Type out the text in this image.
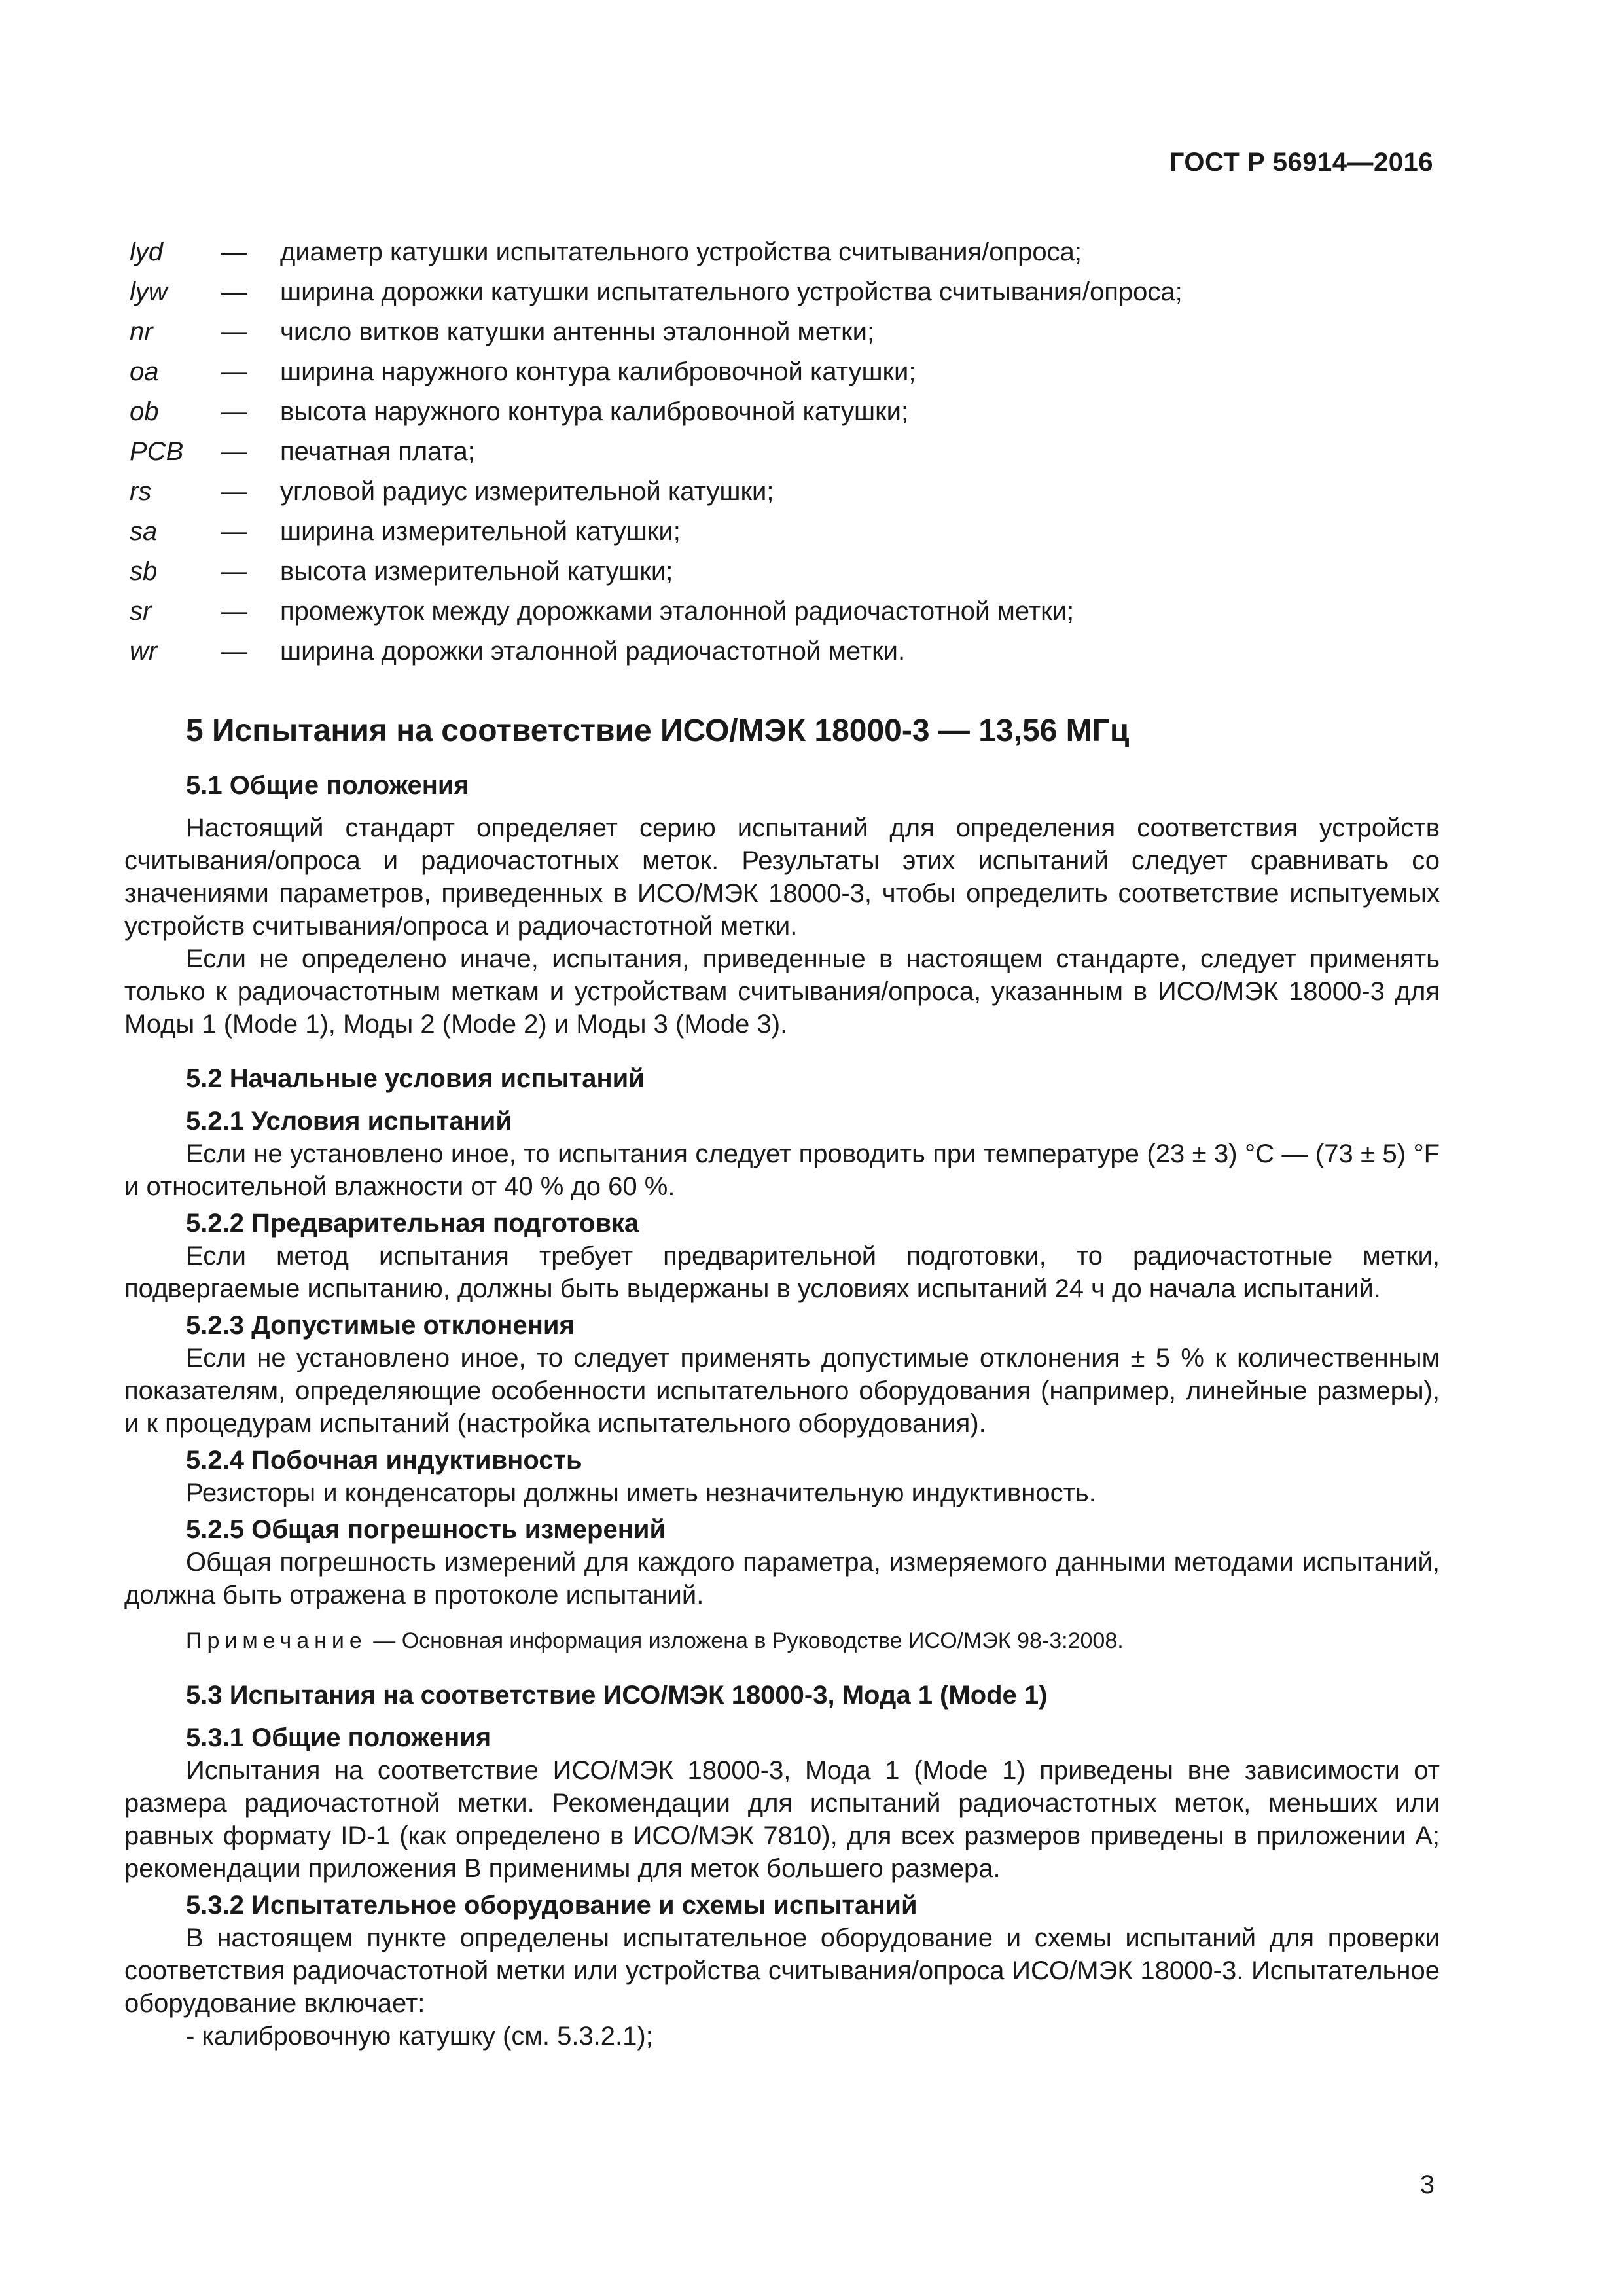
ГОСТ Р 56914—2016
lyd	—	диаметр катушки испытательного устройства считывания/опроса;
lyw	—	ширина дорожки катушки испытательного устройства считывания/опроса;
nr	—	число витков катушки антенны эталонной метки;
oa	—	ширина наружного контура калибровочной катушки;
ob	—	высота наружного контура калибровочной катушки;
PCB	—	печатная плата;
rs	—	угловой радиус измерительной катушки;
sa	—	ширина измерительной катушки;
sb	—	высота измерительной катушки;
sr	—	промежуток между дорожками эталонной радиочастотной метки;
wr	—	ширина дорожки эталонной радиочастотной метки.
5 Испытания на соответствие ИСО/МЭК 18000-3 — 13,56 МГц
5.1 Общие положения

Настоящий стандарт определяет серию испытаний для определения соответствия устройств считывания/опроса и радиочастотных меток. Результаты этих испытаний следует сравнивать со значениями параметров, приведенных в ИСО/МЭК 18000-3, чтобы определить соответствие испытуемых устройств считывания/опроса и радиочастотной метки.

Если не определено иначе, испытания, приведенные в настоящем стандарте, следует применять только к радиочастотным меткам и устройствам считывания/опроса, указанным в ИСО/МЭК 18000-3 для Моды 1 (Mode 1), Моды 2 (Mode 2) и Моды 3 (Mode 3).

5.2 Начальные условия испытаний
5.2.1 Условия испытаний

Если не установлено иное, то испытания следует проводить при температуре (23 ± 3) °C — (73 ± 5) °F и относительной влажности от 40 % до 60 %.

5.2.2 Предварительная подготовка

Если метод испытания требует предварительной подготовки, то радиочастотные метки, подвергаемые испытанию, должны быть выдержаны в условиях испытаний 24 ч до начала испытаний.

5.2.3 Допустимые отклонения

Если не установлено иное, то следует применять допустимые отклонения ± 5 % к количественным показателям, определяющие особенности испытательного оборудования (например, линейные размеры), и к процедурам испытаний (настройка испытательного оборудования).

5.2.4 Побочная индуктивность

Резисторы и конденсаторы должны иметь незначительную индуктивность.

5.2.5 Общая погрешность измерений

Общая погрешность измерений для каждого параметра, измеряемого данными методами испытаний, должна быть отражена в протоколе испытаний.

Примечание — Основная информация изложена в Руководстве ИСО/МЭК 98-3:2008.

5.3 Испытания на соответствие ИСО/МЭК 18000-3, Мода 1 (Mode 1)
5.3.1 Общие положения

Испытания на соответствие ИСО/МЭК 18000-3, Мода 1 (Mode 1) приведены вне зависимости от размера радиочастотной метки. Рекомендации для испытаний радиочастотных меток, меньших или равных формату ID-1 (как определено в ИСО/МЭК 7810), для всех размеров приведены в приложении А; рекомендации приложения В применимы для меток большего размера.

5.3.2 Испытательное оборудование и схемы испытаний

В настоящем пункте определены испытательное оборудование и схемы испытаний для проверки соответствия радиочастотной метки или устройства считывания/опроса ИСО/МЭК 18000-3. Испытательное оборудование включает:

- калибровочную катушку (см. 5.3.2.1);

3
